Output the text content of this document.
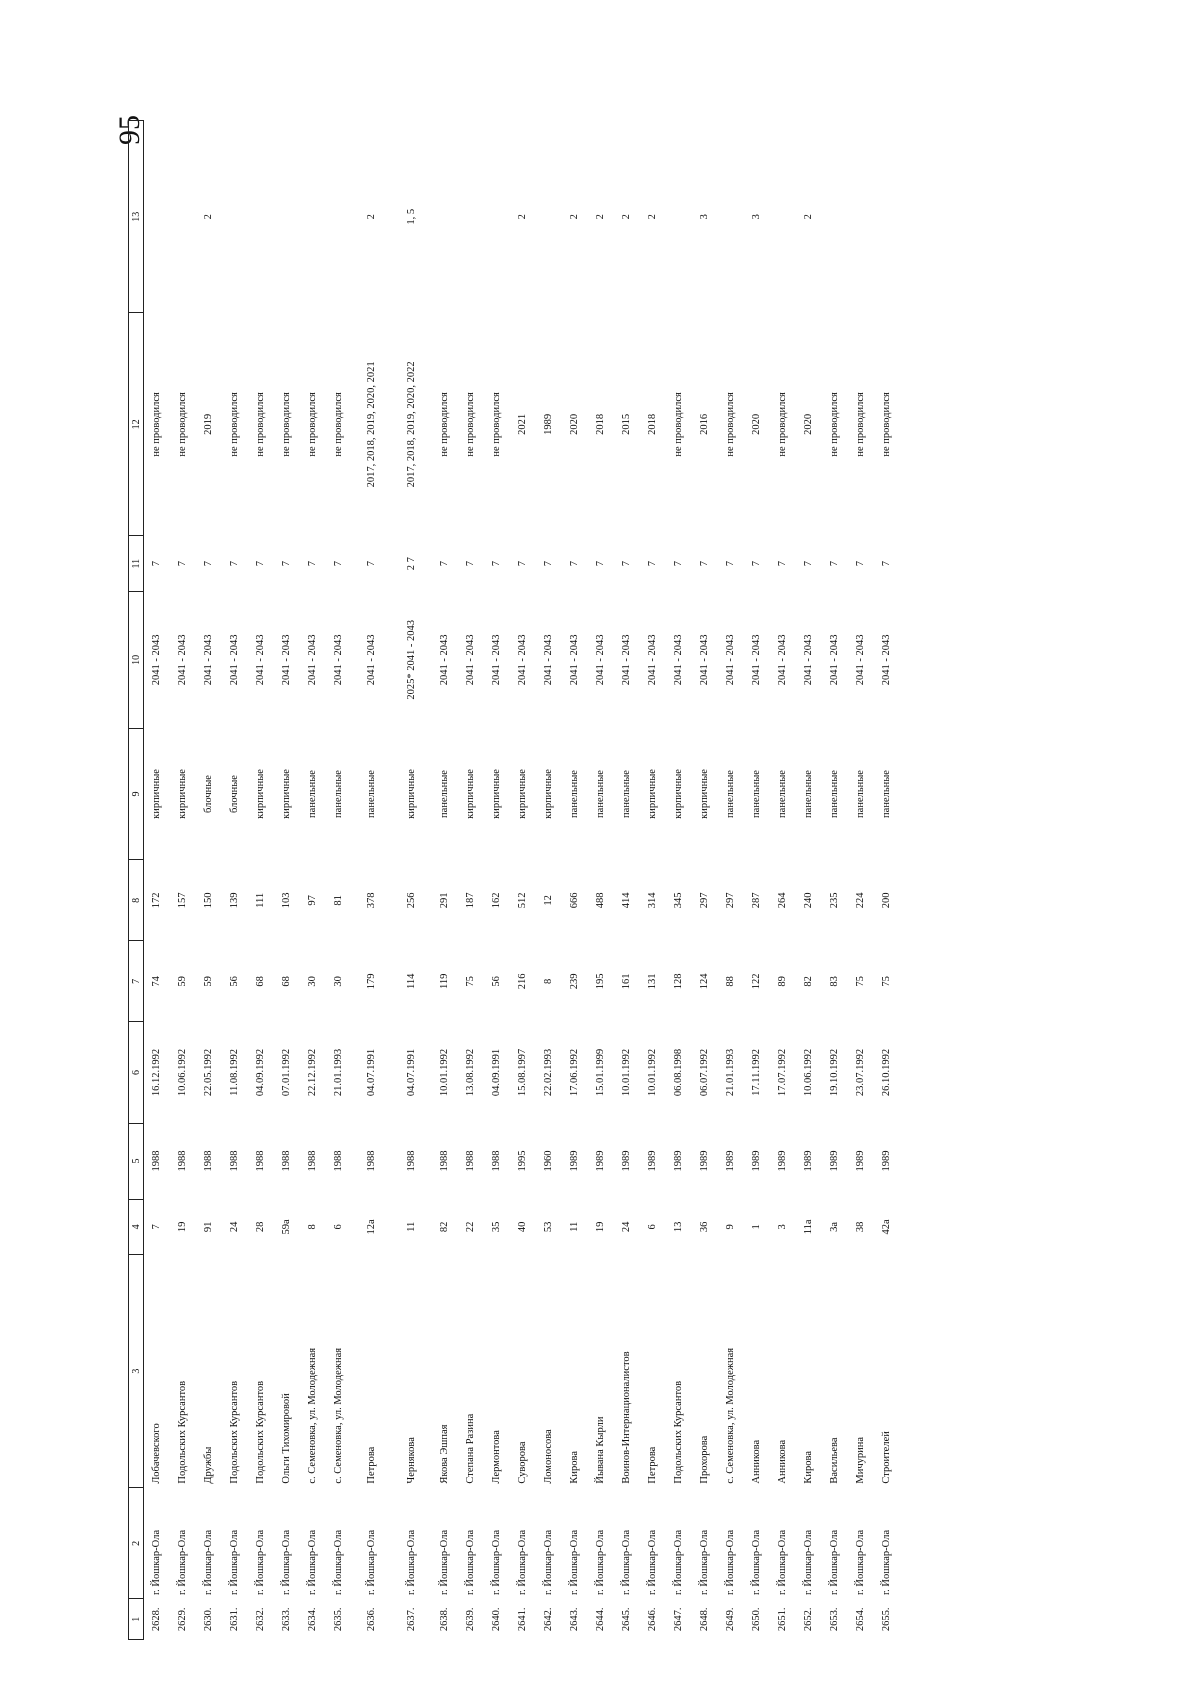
95
1	2	3	4	5	6	7	8	9	10	11	12	13
2628.	г. Йошкар-Ола	Лобачевского	7	1988	16.12.1992	74	172	кирпичные	2041 - 2043	7	не проводился	
2629.	г. Йошкар-Ола	Подольских Курсантов	19	1988	10.06.1992	59	157	кирпичные	2041 - 2043	7	не проводился	
2630.	г. Йошкар-Ола	Дружбы	91	1988	22.05.1992	59	150	блочные	2041 - 2043	7	2019	2
2631.	г. Йошкар-Ола	Подольских Курсантов	24	1988	11.08.1992	56	139	блочные	2041 - 2043	7	не проводился	
2632.	г. Йошкар-Ола	Подольских Курсантов	28	1988	04.09.1992	68	111	кирпичные	2041 - 2043	7	не проводился	
2633.	г. Йошкар-Ола	Ольги Тихомировой	59а	1988	07.01.1992	68	103	кирпичные	2041 - 2043	7	не проводился	
2634.	г. Йошкар-Ола	с. Семеновка, ул. Молодежная	8	1988	22.12.1992	30	97	панельные	2041 - 2043	7	не проводился	
2635.	г. Йошкар-Ола	с. Семеновка, ул. Молодежная	6	1988	21.01.1993	30	81	панельные	2041 - 2043	7	не проводился	
2636.	г. Йошкар-Ола	Петрова	12а	1988	04.07.1991	179	378	панельные	2041 - 2043	7	2017, 2018, 2019, 2020, 2021	2
2637.	г. Йошкар-Ола	Чернякова	11	1988	04.07.1991	114	256	кирпичные	2025* 2041 - 2043	2 7	2017, 2018, 2019, 2020, 2022	1, 5
2638.	г. Йошкар-Ола	Якова Эшпая	82	1988	10.01.1992	119	291	панельные	2041 - 2043	7	не проводился	
2639.	г. Йошкар-Ола	Степана Разина	22	1988	13.08.1992	75	187	кирпичные	2041 - 2043	7	не проводился	
2640.	г. Йошкар-Ола	Лермонтова	35	1988	04.09.1991	56	162	кирпичные	2041 - 2043	7	не проводился	
2641.	г. Йошкар-Ола	Суворова	40	1995	15.08.1997	216	512	кирпичные	2041 - 2043	7	2021	2
2642.	г. Йошкар-Ола	Ломоносова	53	1960	22.02.1993	8	12	кирпичные	2041 - 2043	7	1989	
2643.	г. Йошкар-Ола	Кирова	11	1989	17.06.1992	239	666	панельные	2041 - 2043	7	2020	2
2644.	г. Йошкар-Ола	Йывана Кырли	19	1989	15.01.1999	195	488	панельные	2041 - 2043	7	2018	2
2645.	г. Йошкар-Ола	Воинов-Интернационалистов	24	1989	10.01.1992	161	414	панельные	2041 - 2043	7	2015	2
2646.	г. Йошкар-Ола	Петрова	6	1989	10.01.1992	131	314	кирпичные	2041 - 2043	7	2018	2
2647.	г. Йошкар-Ола	Подольских Курсантов	13	1989	06.08.1998	128	345	кирпичные	2041 - 2043	7	не проводился	
2648.	г. Йошкар-Ола	Прохорова	36	1989	06.07.1992	124	297	кирпичные	2041 - 2043	7	2016	3
2649.	г. Йошкар-Ола	с. Семеновка, ул. Молодежная	9	1989	21.01.1993	88	297	панельные	2041 - 2043	7	не проводился	
2650.	г. Йошкар-Ола	Анникова	1	1989	17.11.1992	122	287	панельные	2041 - 2043	7	2020	3
2651.	г. Йошкар-Ола	Анникова	3	1989	17.07.1992	89	264	панельные	2041 - 2043	7	не проводился	
2652.	г. Йошкар-Ола	Кирова	11а	1989	10.06.1992	82	240	панельные	2041 - 2043	7	2020	2
2653.	г. Йошкар-Ола	Васильева	3а	1989	19.10.1992	83	235	панельные	2041 - 2043	7	не проводился	
2654.	г. Йошкар-Ола	Мичурина	38	1989	23.07.1992	75	224	панельные	2041 - 2043	7	не проводился	
2655.	г. Йошкар-Ола	Строителей	42а	1989	26.10.1992	75	200	панельные	2041 - 2043	7	не проводился	
